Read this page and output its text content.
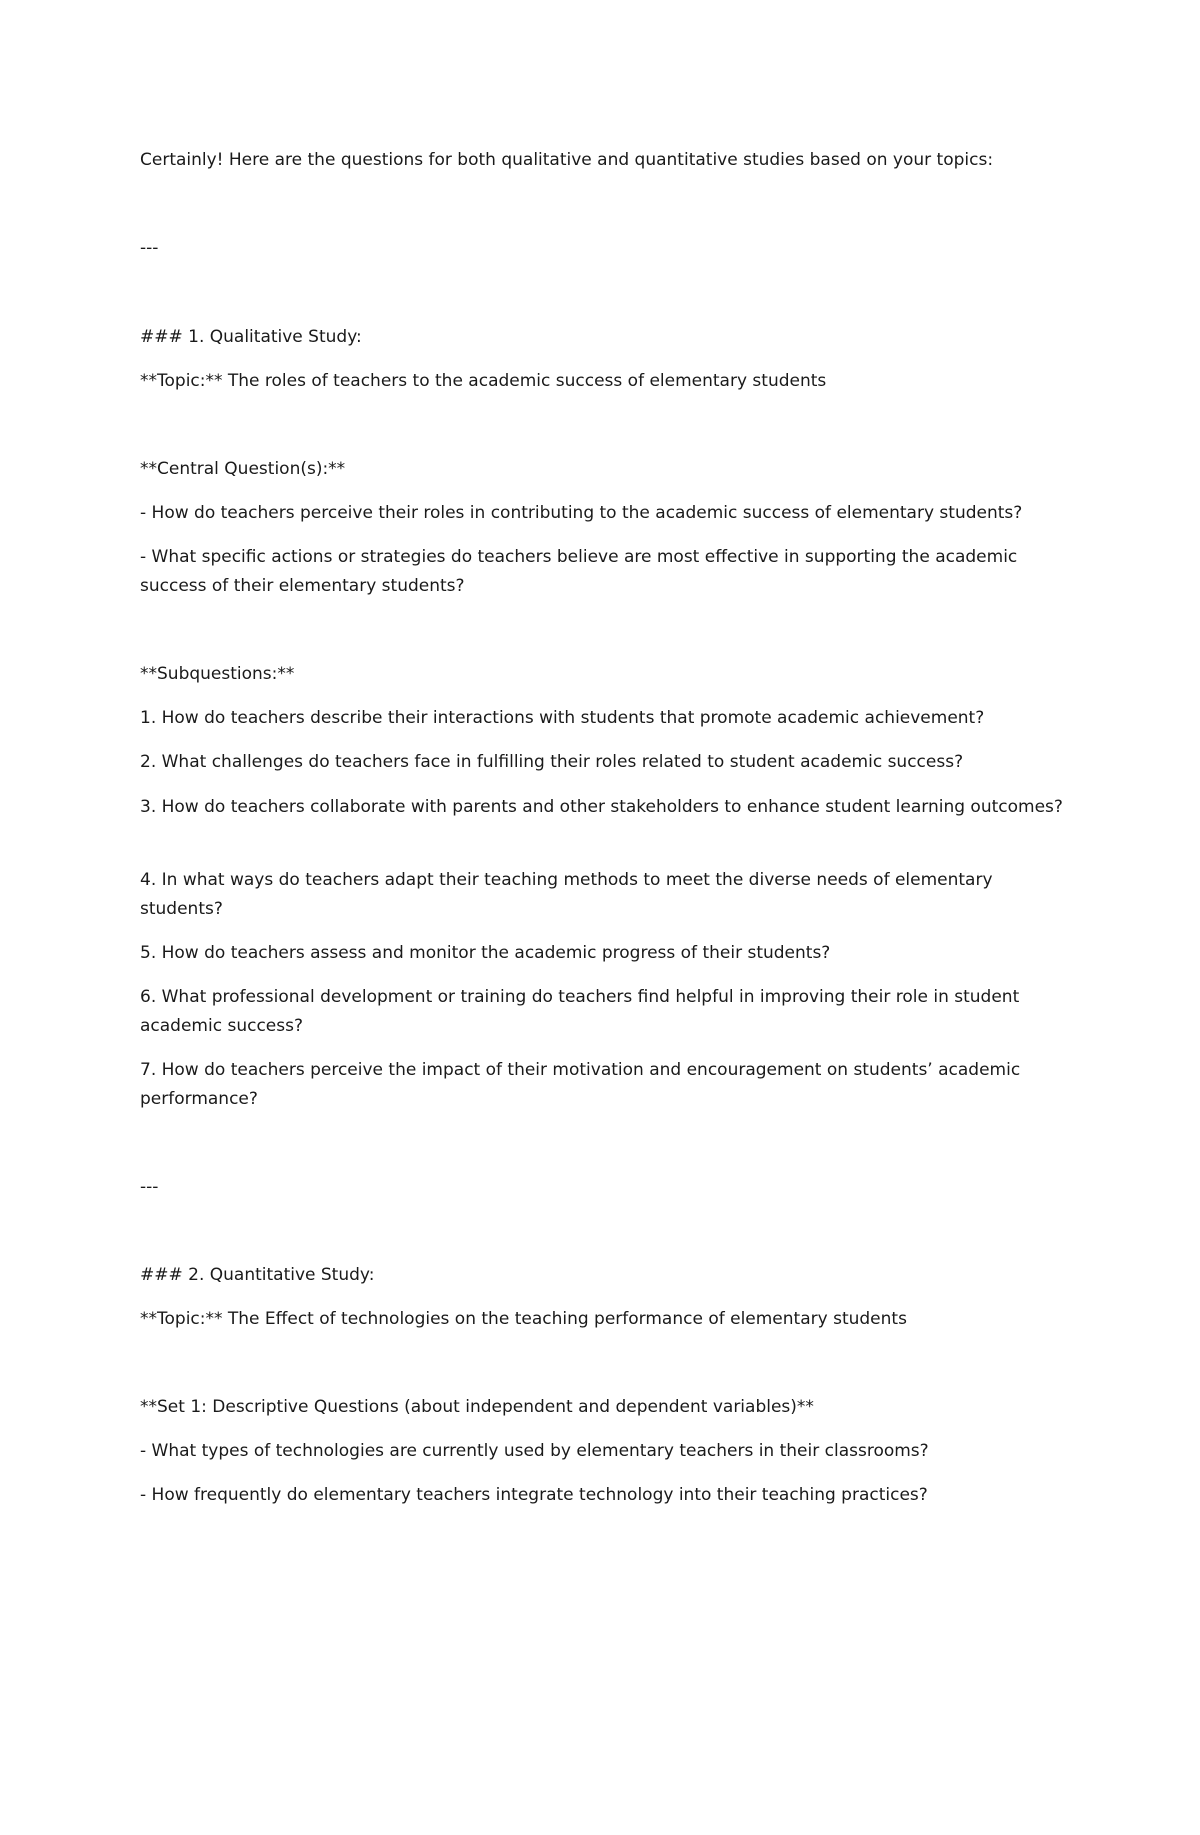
Certainly! Here are the questions for both qualitative and quantitative studies based on your topics:

---

### 1. Qualitative Study:

**Topic:** The roles of teachers to the academic success of elementary students

**Central Question(s):**

- How do teachers perceive their roles in contributing to the academic success of elementary students?

- What specific actions or strategies do teachers believe are most effective in supporting the academic success of their elementary students?

**Subquestions:**

1. How do teachers describe their interactions with students that promote academic achievement?

2. What challenges do teachers face in fulfilling their roles related to student academic success?

3. How do teachers collaborate with parents and other stakeholders to enhance student learning outcomes?

4. In what ways do teachers adapt their teaching methods to meet the diverse needs of elementary students?

5. How do teachers assess and monitor the academic progress of their students?

6. What professional development or training do teachers find helpful in improving their role in student academic success?

7. How do teachers perceive the impact of their motivation and encouragement on students’ academic performance?

---

### 2. Quantitative Study:

**Topic:** The Effect of technologies on the teaching performance of elementary students

**Set 1: Descriptive Questions (about independent and dependent variables)**

- What types of technologies are currently used by elementary teachers in their classrooms?

- How frequently do elementary teachers integrate technology into their teaching practices?
